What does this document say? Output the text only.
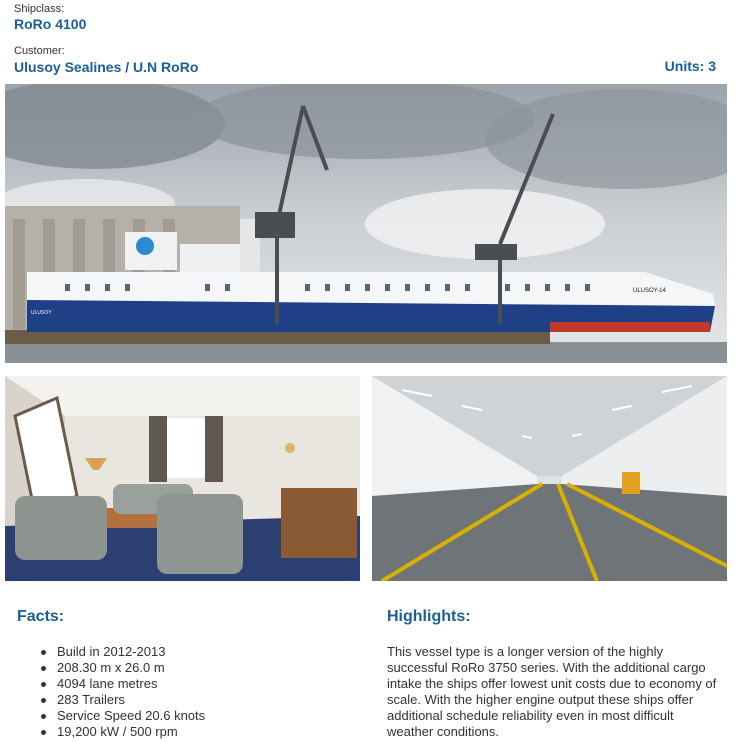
Shipclass:
RoRo 4100
Customer:
Ulusoy Sealines / U.N RoRo	Units: 3
ULUSOY-14
ULUSOY
Facts:
Build in 2012-2013
208.30 m x 26.0 m
4094 lane metres
283 Trailers
Service Speed 20.6 knots
19,200 kW / 500 rpm
Highlights:

This vessel type is a longer version of the highly successful RoRo 3750 series. With the additional cargo intake the ships offer lowest unit costs due to economy of scale. With the higher engine output these ships offer additional schedule reliability even in most difficult weather conditions.
